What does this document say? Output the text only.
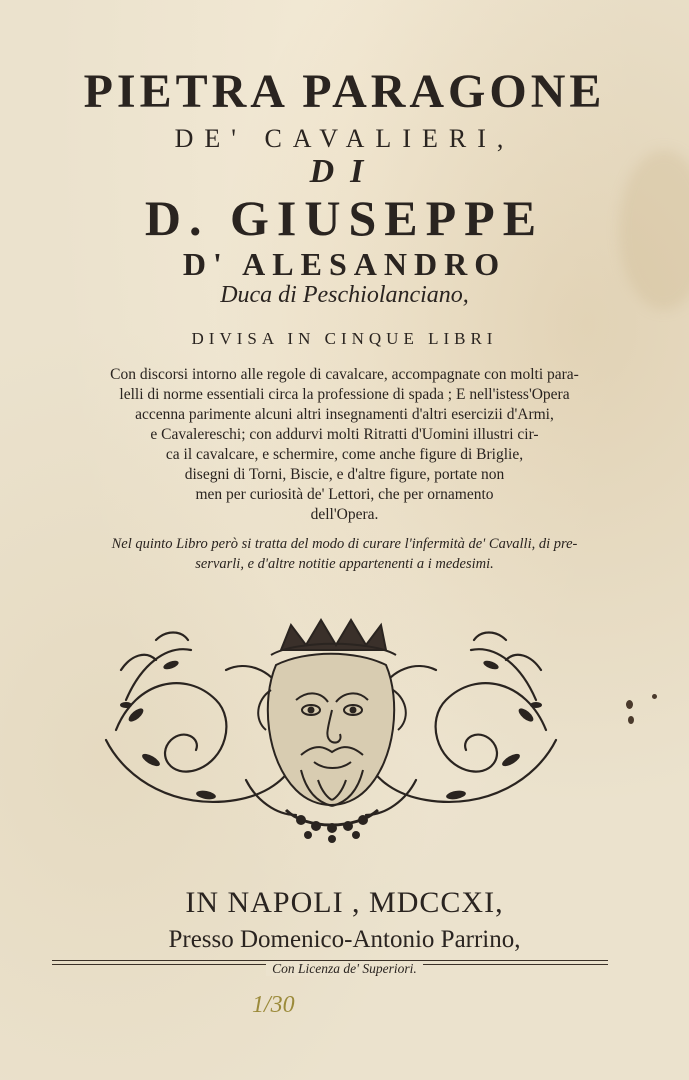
PIETRA PARAGONE
DE' CAVALIERI,
DI
D. GIUSEPPE
D' ALESANDRO
Duca di Peschiolanciano,
DIVISA IN CINQUE LIBRI
Con discorsi intorno alle regole di cavalcare, accompagnate con molti para-
lelli di norme essentiali circa la professione di spada ; E nell'istess'Opera
accenna parimente alcuni altri insegnamenti d'altri esercizii d'Armi,
e Cavalereschi; con addurvi molti Ritratti d'Uomini illustri cir-
ca il cavalcare, e schermire, come anche figure di Briglie,
disegni di Torni, Biscie, e d'altre figure, portate non
men per curiosità de' Lettori, che per ornamento
dell'Opera.
Nel quinto Libro però si tratta del modo di curare l'infermità de' Cavalli, di pre-
servarli, e d'altre notitie appartenenti a i medesimi.
IN NAPOLI , MDCCXI,
Presso Domenico-Antonio Parrino,
Con Licenza de' Superiori.
1/30
